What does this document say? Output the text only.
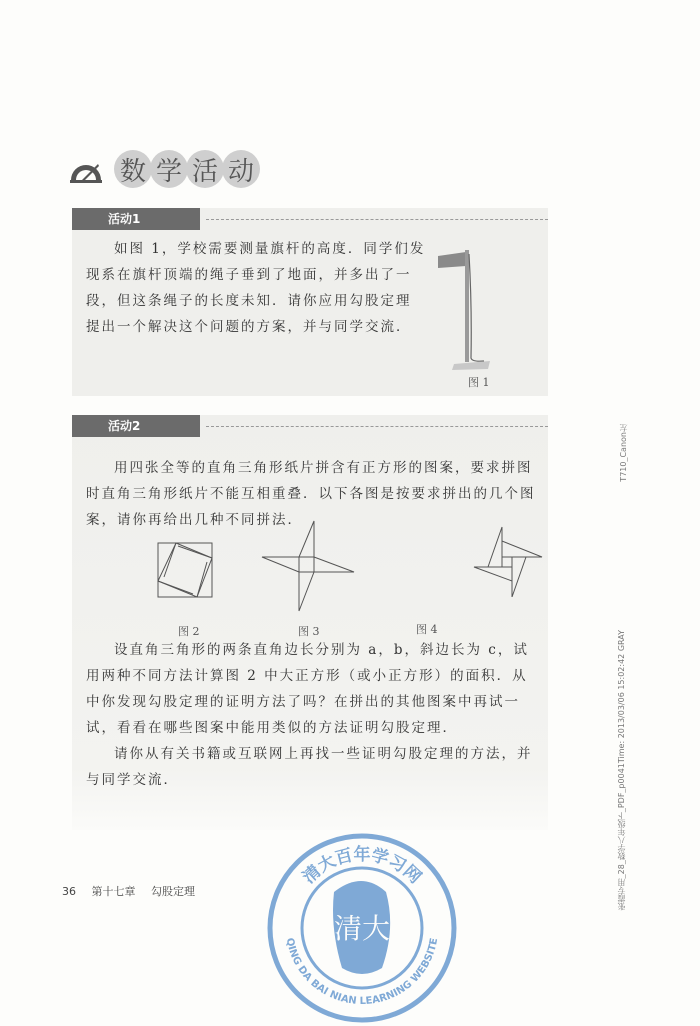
数 学 活 动
活动1
如图 1，学校需要测量旗杆的高度．同学们发现系在旗杆顶端的绳子垂到了地面，并多出了一段，但这条绳子的长度未知．请你应用勾股定理提出一个解决这个问题的方案，并与同学交流．
图 1
活动2
用四张全等的直角三角形纸片拼含有正方形的图案，要求拼图时直角三角形纸片不能互相重叠．以下各图是按要求拼出的几个图案，请你再给出几种不同拼法．
图 2	图 3	图 4
设直角三角形的两条直角边长分别为 a，b，斜边长为 c，试用两种不同方法计算图 2 中大正方形（或小正方形）的面积．从中你发现勾股定理的证明方法了吗？在拼出的其他图案中再试一试，看看在哪些图案中能用类似的方法证明勾股定理．
请你从有关书籍或互联网上再找一些证明勾股定理的方法，并与同学交流．
36 第十七章 勾股定理
T710_Canon左
张霞专用_28_数学八年级下_PDF_p0041Time: 2013/03/06 15:02:42 GRAY
清大百年学习网
QING DA BAI NIAN LEARNING WEBSITE
清大
